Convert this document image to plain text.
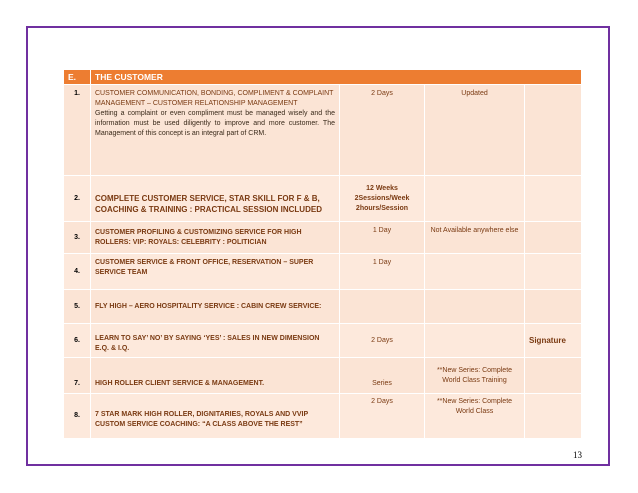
E.	THE CUSTOMER			
1.	CUSTOMER COMMUNICATION, BONDING, COMPLIMENT & COMPLAINT MANAGEMENT – CUSTOMER RELATIONSHIP MANAGEMENT
Getting a complaint or even compliment must be managed wisely and the information must be used diligently to improve and more customer. The Management of this concept is an integral part of CRM.	2 Days	Updated	
2.	COMPLETE CUSTOMER SERVICE, STAR SKILL FOR F & B, COACHING & TRAINING : PRACTICAL SESSION INCLUDED	12 Weeks 2Sessions/Week 2hours/Session		
3.	CUSTOMER PROFILING & CUSTOMIZING SERVICE FOR HIGH ROLLERS: VIP: ROYALS: CELEBRITY : POLITICIAN	1 Day	Not Available anywhere else	
4.	CUSTOMER SERVICE & FRONT OFFICE, RESERVATION – SUPER SERVICE TEAM	1 Day		
5.	FLY HIGH – AERO HOSPITALITY SERVICE : CABIN CREW SERVICE:			
6.	LEARN TO SAY’ NO’ BY SAYING ‘YES’ : SALES IN NEW DIMENSION E.Q. & I.Q.	2 Days		Signature
7.	HIGH ROLLER CLIENT SERVICE & MANAGEMENT.	Series	**New Series: Complete World Class Training	
8.	7 STAR MARK HIGH ROLLER, DIGNITARIES, ROYALS AND VVIP CUSTOM SERVICE COACHING: “A CLASS ABOVE THE REST”	2 Days	**New Series: Complete World Class	
13
